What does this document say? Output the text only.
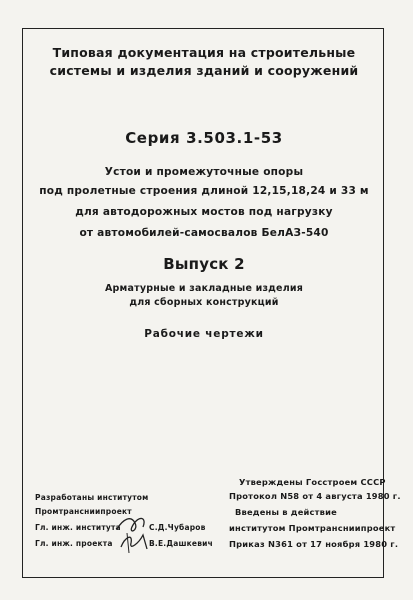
Типовая документация на строительные
системы и изделия зданий и сооружений
Серия 3.503.1-53
Устои и промежуточные опоры
под пролетные строения длиной 12,15,18,24 и 33 м
для автодорожных мостов под нагрузку
от автомобилей-самосвалов БелАЗ-540
Выпуск 2
Арматурные и закладные изделия
для сборных конструкций
Рабочие чертежи
Разработаны институтом
Промтрансниипроект
Гл. инж. института	С.Д.Чубаров
Гл. инж. проекта	В.Е.Дашкевич
Утверждены Госстроем СССР
Протокол N58 от 4 августа 1980 г.
Введены в действие
институтом Промтрансниипроект
Приказ N361 от 17 ноября 1980 г.
